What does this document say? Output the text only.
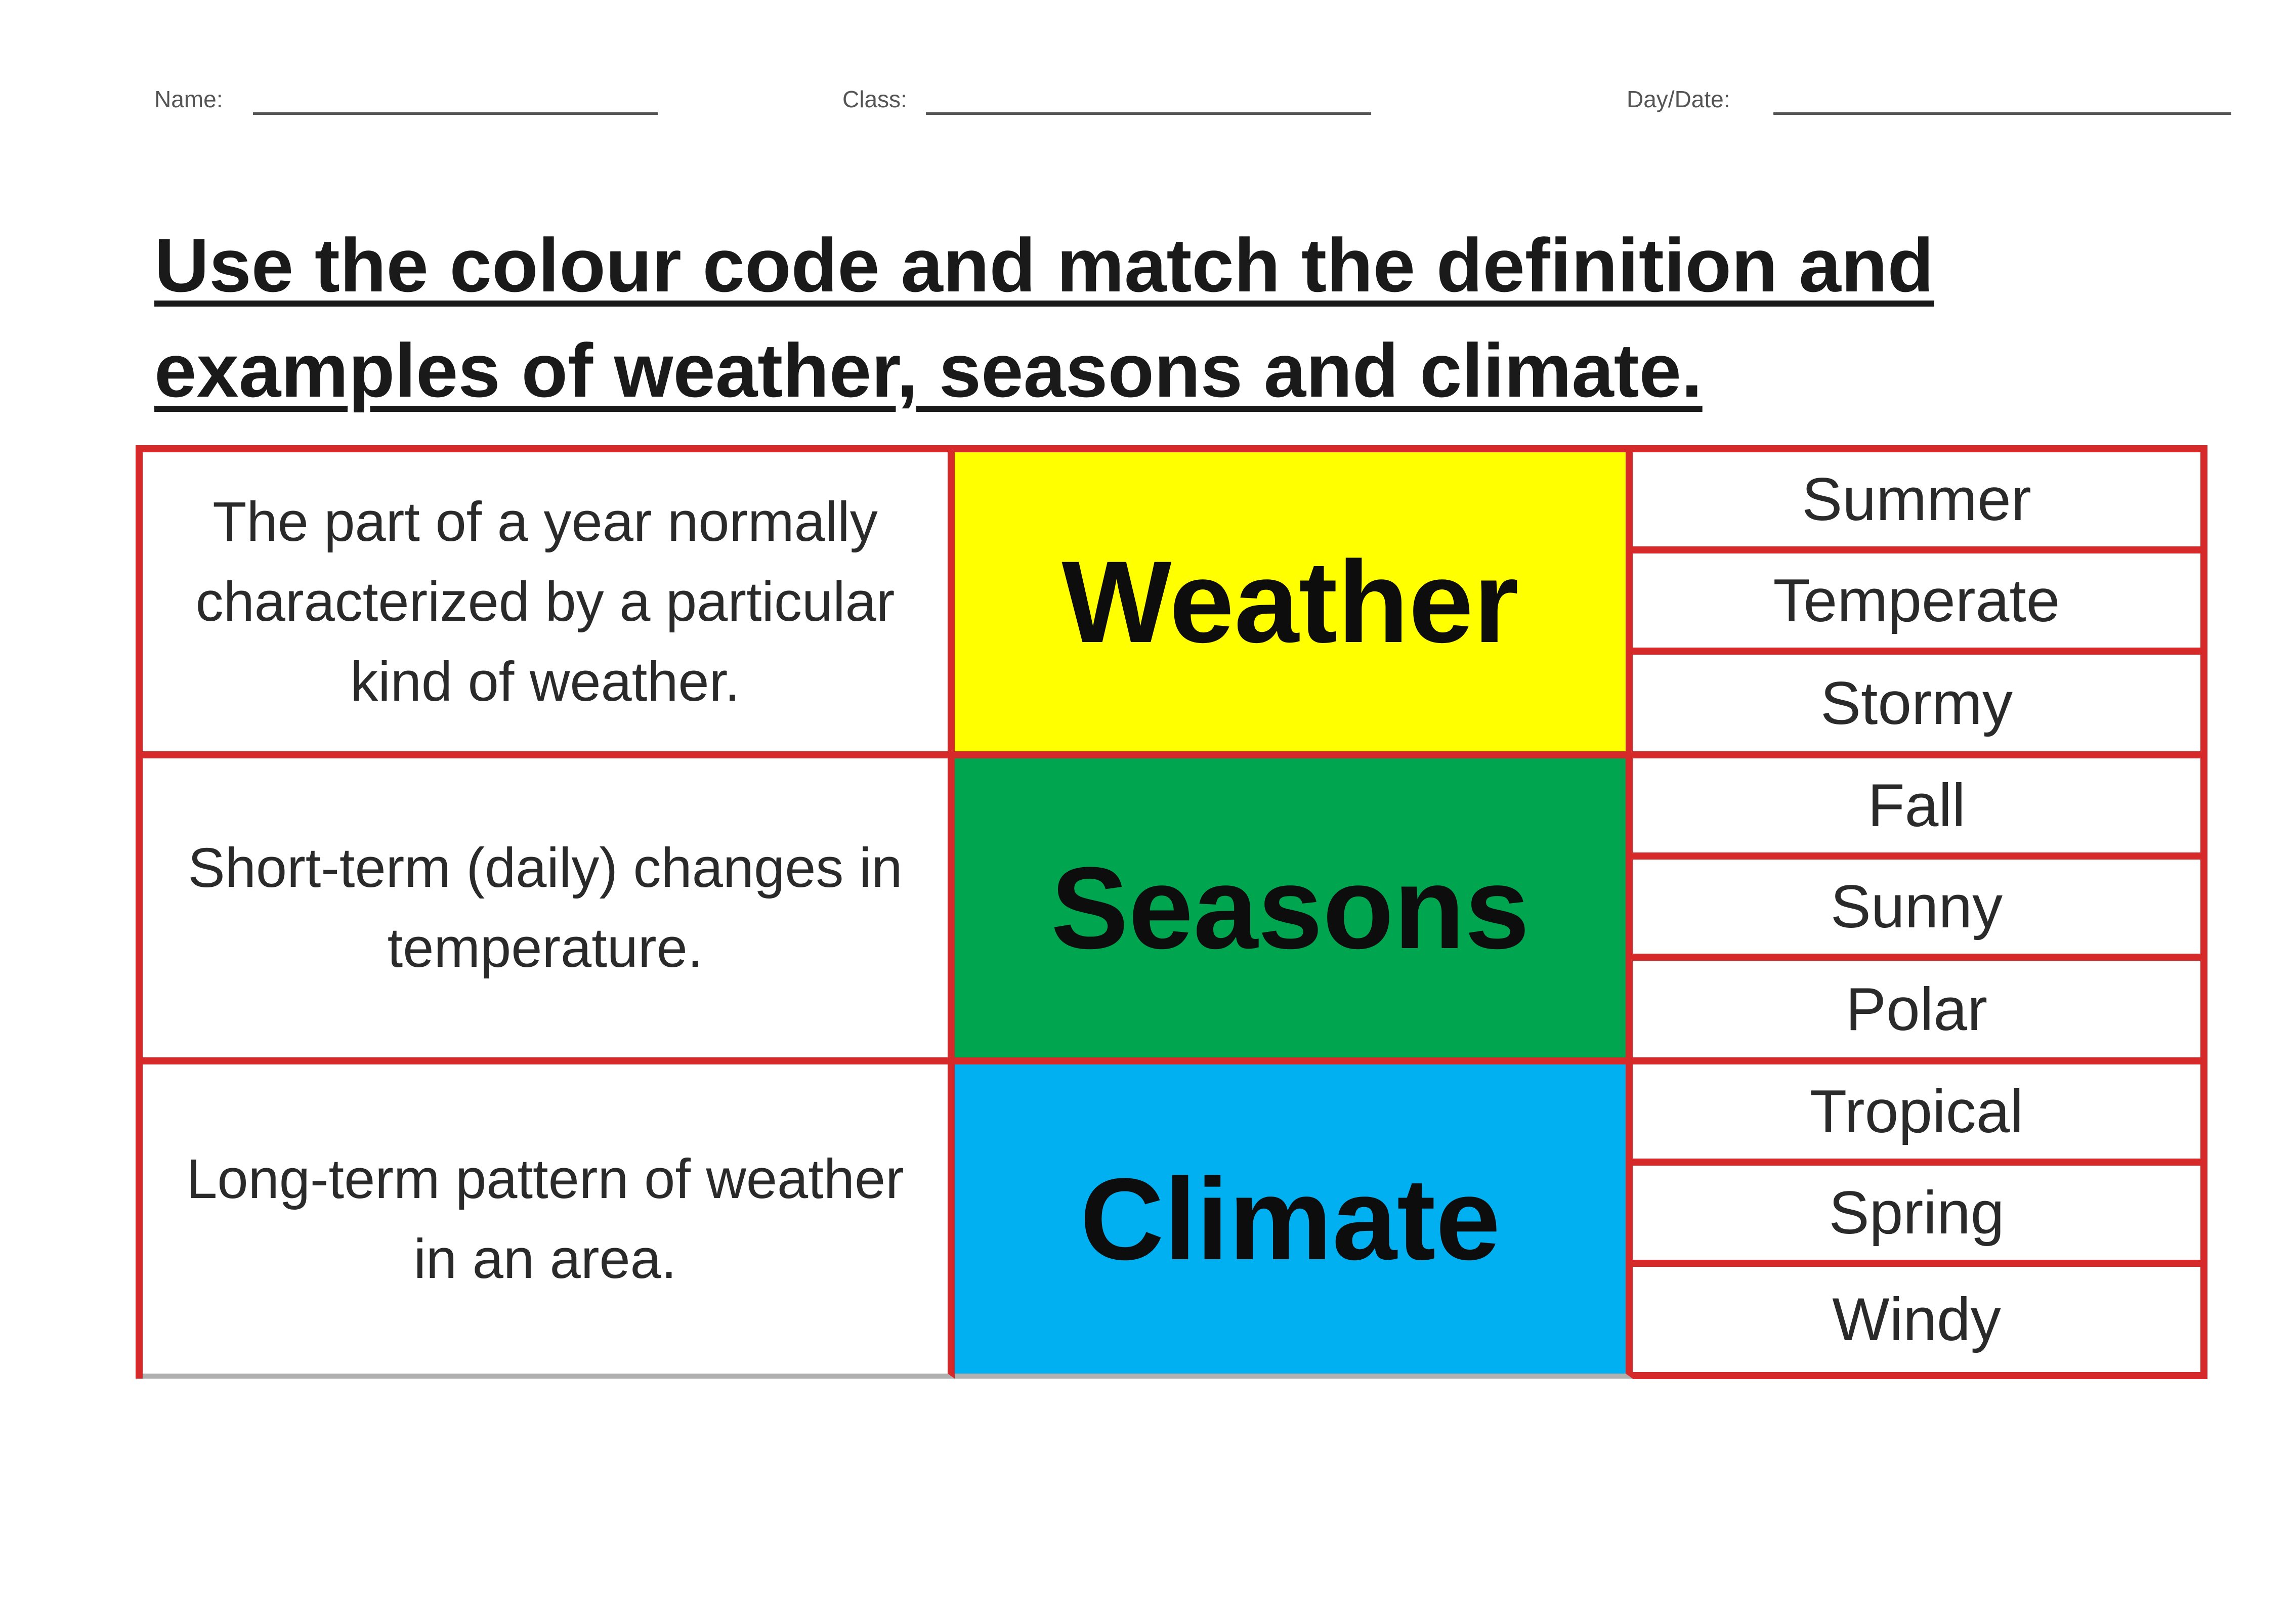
Name:	Class:	Day/Date:

Use the colour code and match the definition and examples of weather, seasons and climate.

The part of a year normally characterized by a particular kind of weather.
Short-term (daily) changes in temperature.
Long-term pattern of weather in an area.
Weather
Seasons
Climate
Summer
Temperate
Stormy
Fall
Sunny
Polar
Tropical
Spring
Windy
